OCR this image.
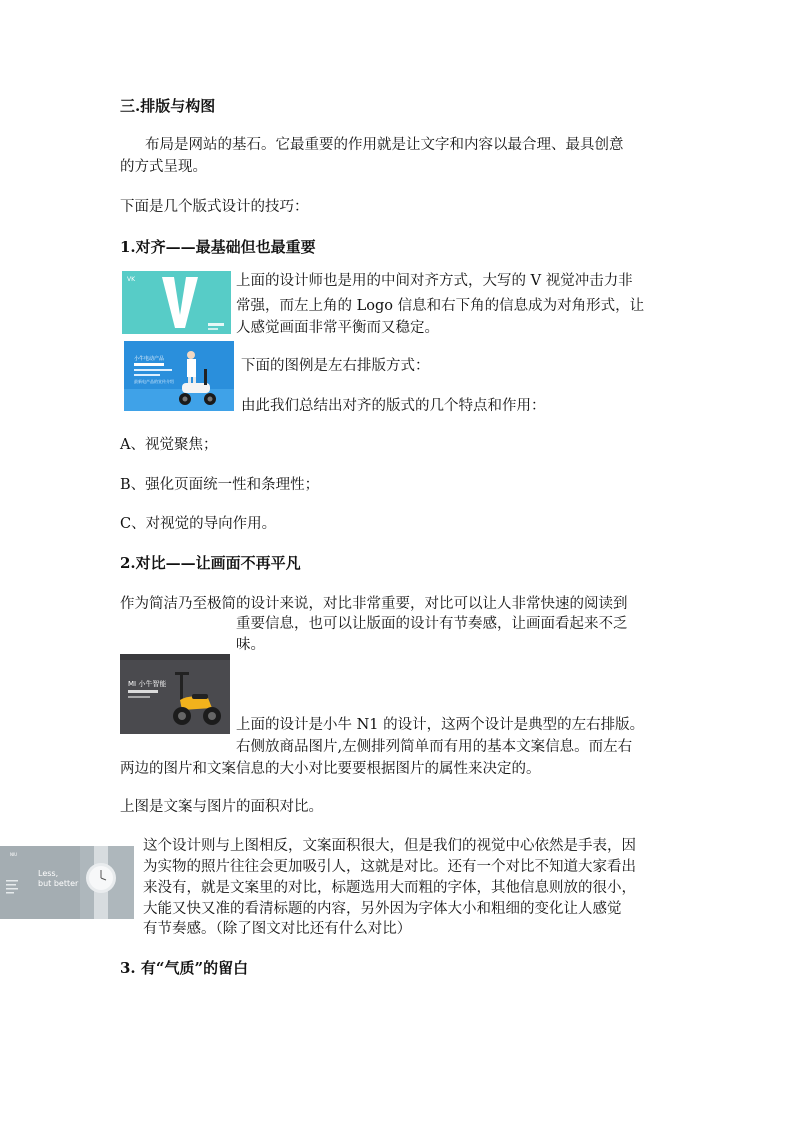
三.排版与构图
布局是网站的基石。它最重要的作用就是让文字和内容以最合理、最具创意
的方式呈现。
下面是几个版式设计的技巧：
1.对齐——最基础但也最重要
VK	上面的设计师也是用的中间对齐方式，大写的 V 视觉冲击力非
常强，而左上角的 Logo 信息和右下角的信息成为对角形式，让
人感觉画面非常平衡而又稳定。
小牛电动产品
最新电产品的宣传介绍
下面的图例是左右排版方式：
由此我们总结出对齐的版式的几个特点和作用：
A、视觉聚焦；
B、强化页面统一性和条理性；
C、对视觉的导向作用。
2.对比——让画面不再平凡
作为简洁乃至极简的设计来说，对比非常重要，对比可以让人非常快速的阅读到
重要信息，也可以让版面的设计有节奏感，让画面看起来不乏
味。
MI 小牛智能
上面的设计是小牛 N1 的设计，这两个设计是典型的左右排版。
右侧放商品图片,左侧排列简单而有用的基本文案信息。而左右
两边的图片和文案信息的大小对比要要根据图片的属性来决定的。
上图是文案与图片的面积对比。
NIU
Less,
but better
这个设计则与上图相反，文案面积很大，但是我们的视觉中心依然是手表，因
为实物的照片往往会更加吸引人，这就是对比。还有一个对比不知道大家看出
来没有，就是文案里的对比，标题选用大而粗的字体，其他信息则放的很小，
大能又快又准的看清标题的内容，另外因为字体大小和粗细的变化让人感觉
有节奏感。（除了图文对比还有什么对比）
3. 有“气质”的留白
